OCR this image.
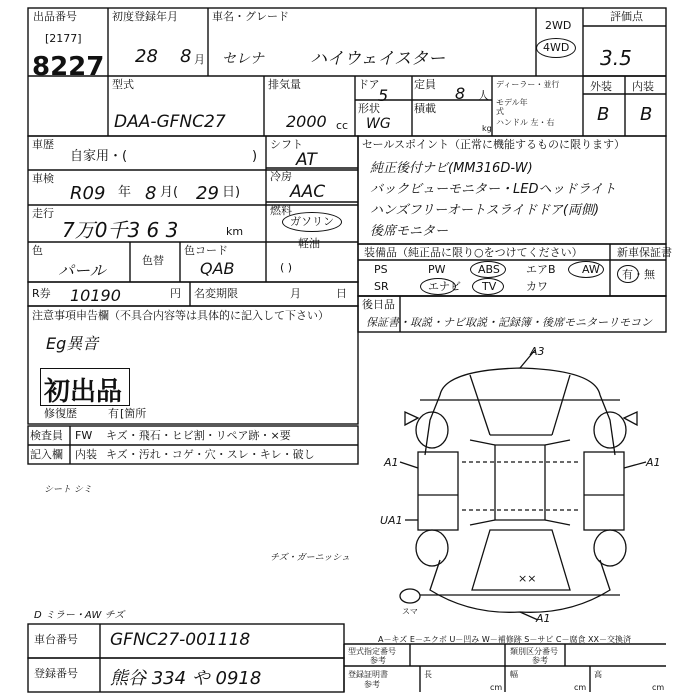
出品番号
[2177]
8227
初度登録年月
28 8 月
車名・グレード
セレナ	ハイウェイスター
2WD
4WD
評価点
3.5
外装 内装
B B
型式
DAA-GFNC27
排気量
2000 cc
ドア
5
定員 8 人
ディーラー・並行
モデル年式
形状
WG
積載
kg
ハンドル 左・右
車歴
自家用・(	)
車検
R09 年 8 月( 29 日)
走行
7万0千3 6 3	km
色
パール
色替
色コード
QAB
シフト
AT
冷房
AAC
燃料
ガソリン
軽油
( )
セールスポイント（正常に機能するものに限ります）
純正後付ナビ(MM316D-W)
バックビューモニター・LEDヘッドライト
ハンズフリーオートスライドドア(両側)
後席モニター
装備品（純正品に限り○をつけてください）	新車保証書
有・無
PS	PW	ABS エアB AW
SR	エナビ TV	カワ
後日品
保証書・取説・ナビ取説・記録簿・後席モニターリモコン
R券 10190	円 名変期限	月	日
注意事項申告欄（不具合内容等は具体的に記入して下さい）
Eg異音
初出品
修復歴	有 [箇所
検査員 FW キズ・飛石・ヒビ割・リペア跡・×要
記入欄 内装 キズ・汚れ・コゲ・穴・スレ・キレ・破し
シート シミ
チズ・ガーニッシュ
D ミラー・AW チズ
A3
A1	A1
UA1
××
A1
スマ
A－キズ E－エクボ U－凹み W－補修跡 S－サビ C－腐食 XX－交換済
車台番号 GFNC27-001118
登録番号 熊谷 334 や 0918
型式指定番号
参考
類別区分番号
参考
登録証明書
参考
長
cm
幅
cm
高
cm
